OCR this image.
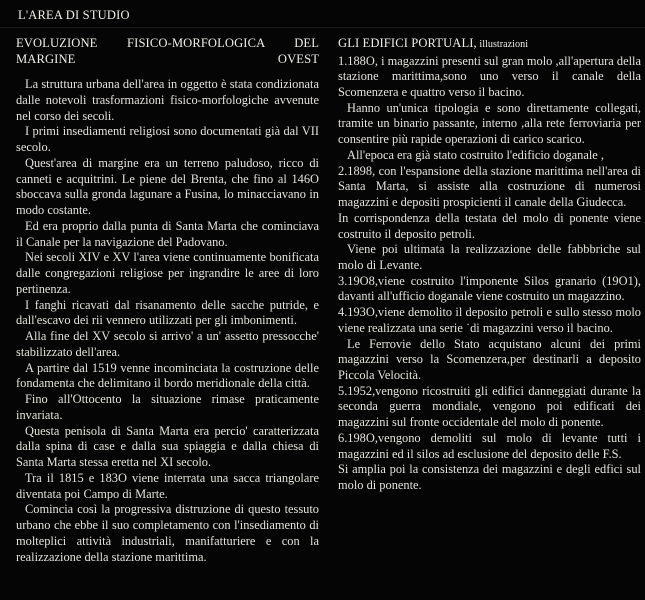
L'AREA DI STUDIO
EVOLUZIONE FISICO-MORFOLOGICA DEL MARGINE OVEST

La struttura urbana dell'area in oggetto è stata condizionata dalle notevoli trasformazioni fisico-morfologiche avvenute nel corso dei secoli.

I primi insediamenti religiosi sono documentati già dal VII secolo.

Quest'area di margine era un terreno paludoso, ricco di canneti e acquitrini. Le piene del Brenta, che fino al 146O sboccava sulla gronda lagunare a Fusina, lo minacciavano in modo costante.

Ed era proprio dalla punta di Santa Marta che cominciava il Canale per la navigazione del Padovano.

Nei secoli XIV e XV l'area viene continuamente bonificata dalle congregazioni religiose per ingrandire le aree di loro pertinenza.

I fanghi ricavati dal risanamento delle sacche putride, e dall'escavo dei rii vennero utilizzati per gli imbonimenti.

Alla fine del XV secolo si arrivo' a un' assetto pressocche' stabilizzato dell'area.

A partire dal 1519 venne incominciata la costruzione delle fondamenta che delimitano il bordo meridionale della città.

Fino all'Ottocento la situazione rimase praticamente invariata.

Questa penisola di Santa Marta era percio' caratterizzata dalla spina di case e dalla sua spiaggia e dalla chiesa di Santa Marta stessa eretta nel XI secolo.

Tra il 1815 e 183O viene interrata una sacca triangolare diventata poi Campo di Marte.

Comincia così la progressiva distruzione di questo tessuto urbano che ebbe il suo completamento con l'insediamento di molteplici attività industriali, manifatturiere e con la realizzazione della stazione marittima.

GLI EDIFICI PORTUALI, illustrazioni

1.188O, i magazzini presenti sul gran molo ,all'apertura della stazione marittima,sono uno verso il canale della Scomenzera e quattro verso il bacino.

Hanno un'unica tipologia e sono direttamente collegati, tramite un binario passante, interno ,alla rete ferroviaria per consentire più rapide operazioni di carico scarico.

All'epoca era già stato costruito l'edificio doganale ,

2.1898, con l'espansione della stazione marittima nell'area di Santa Marta, si assiste alla costruzione di numerosi magazzini e depositi prospicienti il canale della Giudecca.

In corrispondenza della testata del molo di ponente viene costruito il deposito petroli.

Viene poi ultimata la realizzazione delle fabbbriche sul molo di Levante.

3.19O8,viene costruito l'imponente Silos granario (19O1), davanti all'ufficio doganale viene costruito un magazzino.

4.193O,viene demolito il deposito petroli e sullo stesso molo viene realizzata una serie ˙di magazzini verso il bacino.

Le Ferrovie dello Stato acquistano alcuni dei primi magazzini verso la Scomenzera,per destinarli a deposito Piccola Velocità.

5.1952,vengono ricostruiti gli edifici danneggiati durante la seconda guerra mondiale, vengono poi edificati dei magazzini sul fronte occidentale del molo di ponente.

6.198O,vengono demoliti sul molo di levante tutti i magazzini ed il silos ad esclusione del deposito delle F.S.

Si amplia poi la consistenza dei magazzini e degli edfici sul molo di ponente.
